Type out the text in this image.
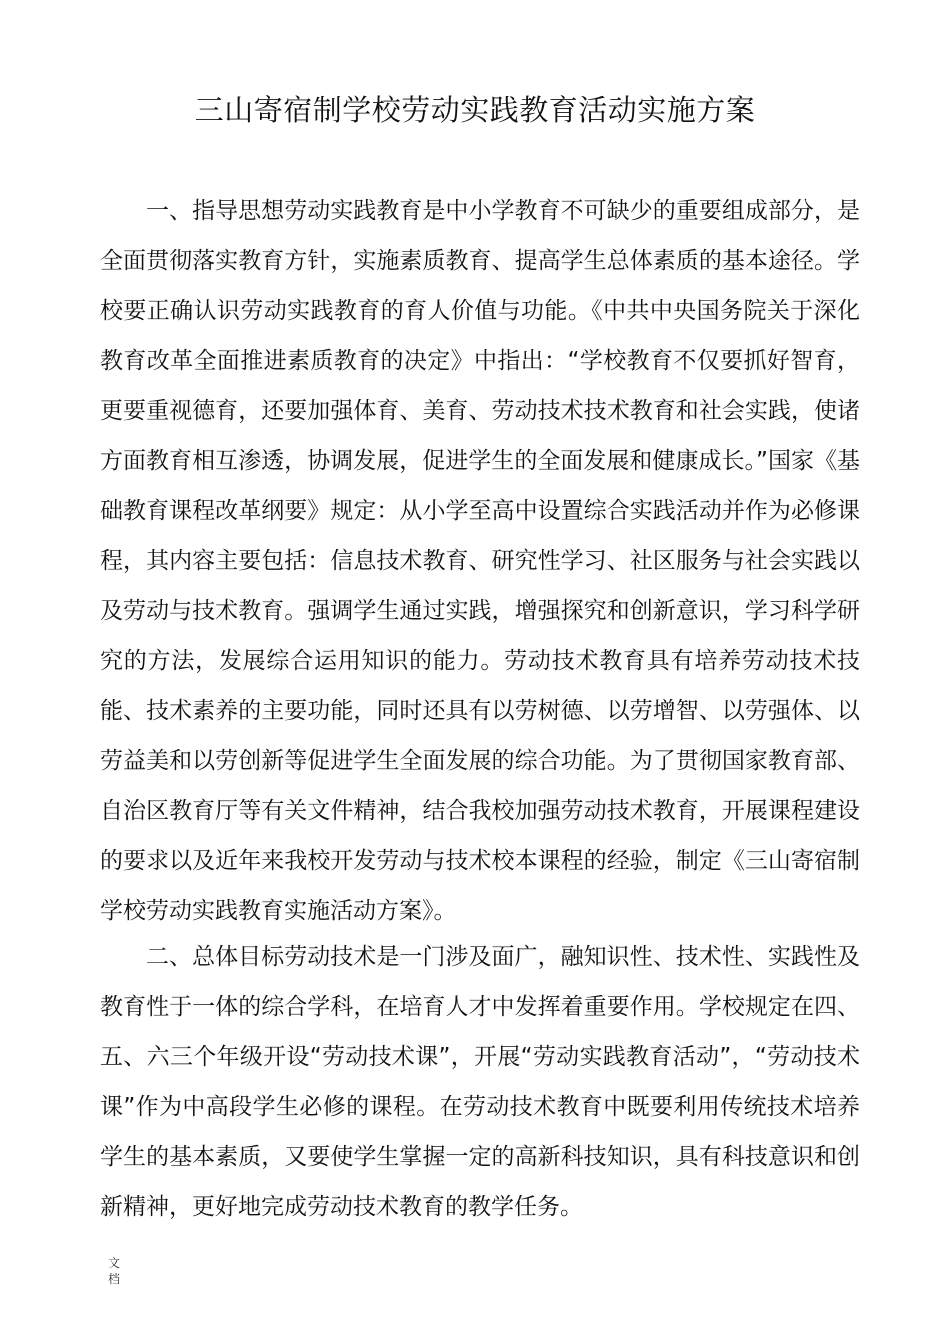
三山寄宿制学校劳动实践教育活动实施方案

一、指导思想劳动实践教育是中小学教育不可缺少的重要组成部分，是全面贯彻落实教育方针，实施素质教育、提高学生总体素质的基本途径。学校要正确认识劳动实践教育的育人价值与功能。《中共中央国务院关于深化教育改革全面推进素质教育的决定》中指出：“学校教育不仅要抓好智育，更要重视德育，还要加强体育、美育、劳动技术技术教育和社会实践，使诸方面教育相互渗透，协调发展，促进学生的全面发展和健康成长。”国家《基础教育课程改革纲要》规定：从小学至高中设置综合实践活动并作为必修课程，其内容主要包括：信息技术教育、研究性学习、社区服务与社会实践以及劳动与技术教育。强调学生通过实践，增强探究和创新意识，学习科学研究的方法，发展综合运用知识的能力。劳动技术教育具有培养劳动技术技能、技术素养的主要功能，同时还具有以劳树德、以劳增智、以劳强体、以劳益美和以劳创新等促进学生全面发展的综合功能。为了贯彻国家教育部、自治区教育厅等有关文件精神，结合我校加强劳动技术教育，开展课程建设的要求以及近年来我校开发劳动与技术校本课程的经验，制定《三山寄宿制学校劳动实践教育实施活动方案》。

二、总体目标劳动技术是一门涉及面广，融知识性、技术性、实践性及教育性于一体的综合学科，在培育人才中发挥着重要作用。学校规定在四、五、六三个年级开设“劳动技术课”，开展“劳动实践教育活动”，“劳动技术课”作为中高段学生必修的课程。在劳动技术教育中既要利用传统技术培养学生的基本素质，又要使学生掌握一定的高新科技知识，具有科技意识和创新精神，更好地完成劳动技术教育的教学任务。

文档
